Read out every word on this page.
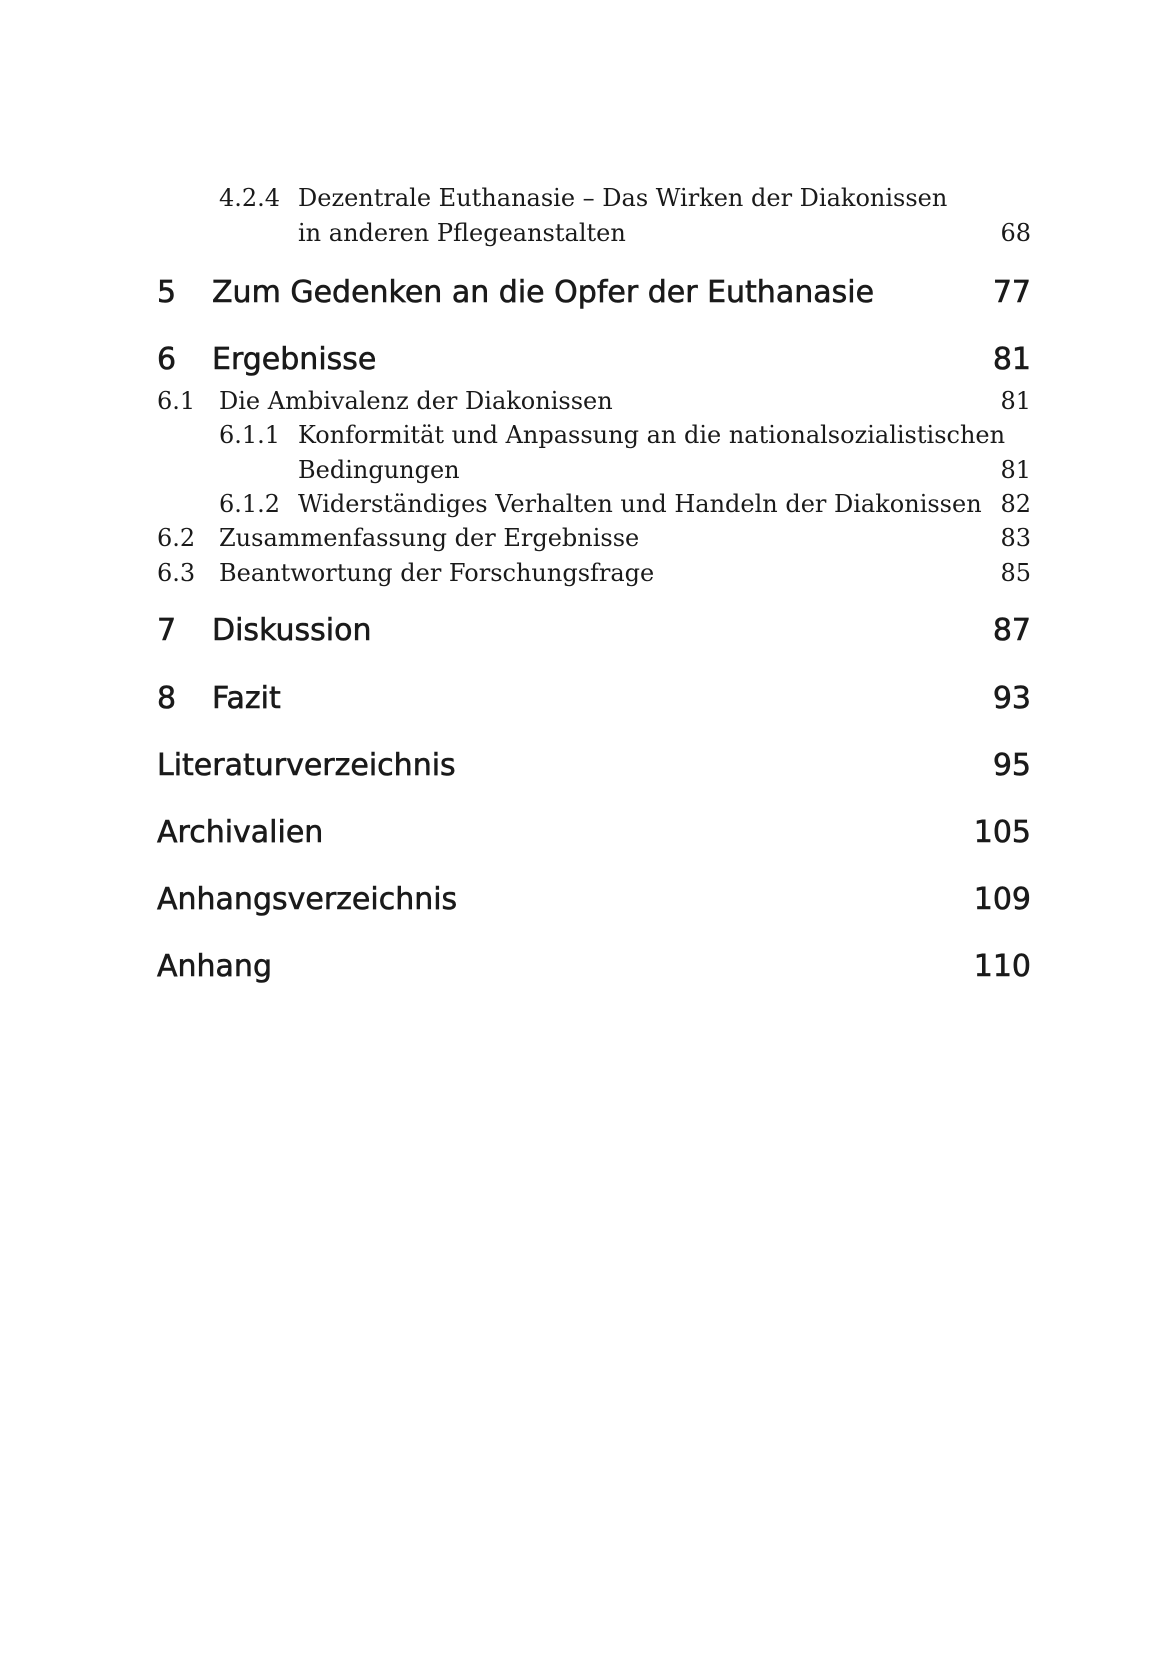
4.2.4 Dezentrale Euthanasie – Das Wirken der Diakonissen
in anderen Pflegeanstalten	68
5 Zum Gedenken an die Opfer der Euthanasie	77
6 Ergebnisse	81
6.1 Die Ambivalenz der Diakonissen	81
6.1.1 Konformität und Anpassung an die nationalsozialistischen
Bedingungen	81
6.1.2 Widerständiges Verhalten und Handeln der Diakonissen 82
6.2 Zusammenfassung der Ergebnisse	83
6.3 Beantwortung der Forschungsfrage	85
7 Diskussion	87
8 Fazit	93
Literaturverzeichnis	95
Archivalien	105
Anhangsverzeichnis	109
Anhang	110
